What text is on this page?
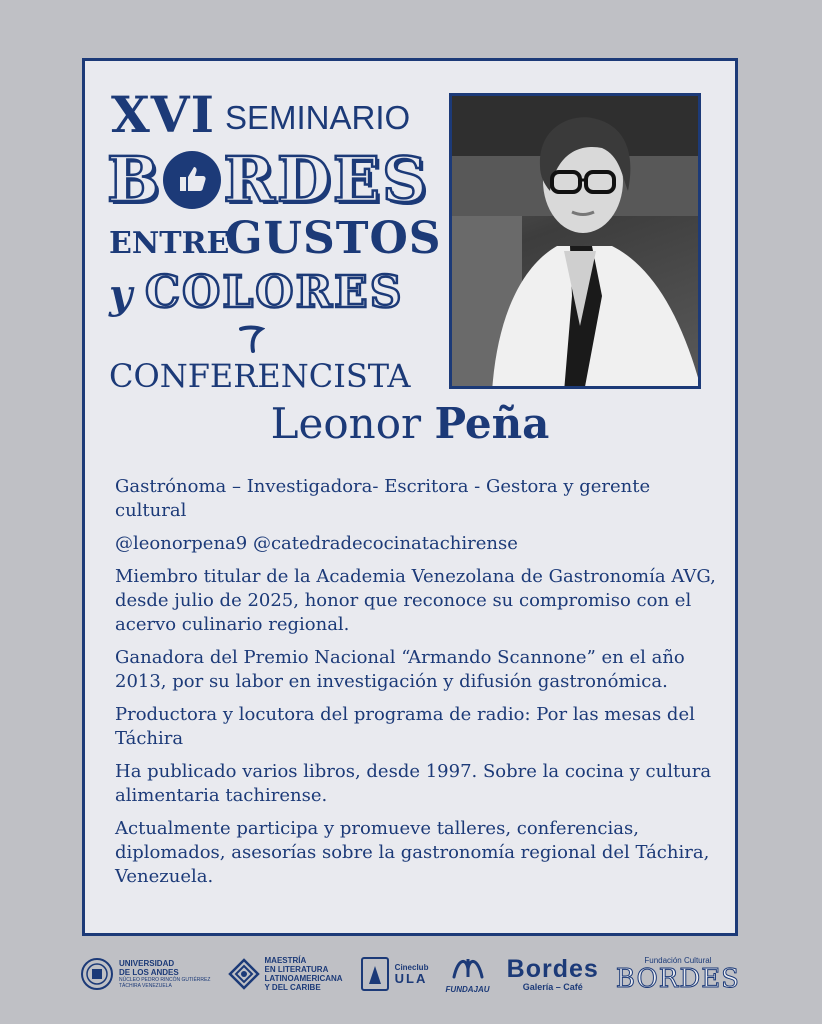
XVI SEMINARIO
B RDES
ENTRE
GUSTOS
y COLORES
CONFERENCISTA
Leonor Peña

Gastrónoma – Investigadora- Escritora - Gestora y gerente cultural

@leonorpena9 @catedradecocinatachirense

Miembro titular de la Academia Venezolana de Gastronomía AVG, desde julio de 2025, honor que reconoce su compromiso con el acervo culinario regional.

Ganadora del Premio Nacional “Armando Scannone” en el año 2013, por su labor en investigación y difusión gastronómica.

Productora y locutora del programa de radio: Por las mesas del Táchira

Ha publicado varios libros, desde 1997. Sobre la cocina y cultura alimentaria tachirense.

Actualmente participa y promueve talleres, conferencias, diplomados, asesorías sobre la gastronomía regional del Táchira, Venezuela.

UNIVERSIDAD
DE LOS ANDES
NÚCLEO PEDRO RINCÓN GUTIÉRREZ
TÁCHIRA VENEZUELA
MAESTRÍA
EN LITERATURA
LATINOAMERICANA
Y DEL CARIBE
Cineclub
ULA
FUNDAJAU
Bordes
Galería – Café
Fundación Cultural
BORDES
